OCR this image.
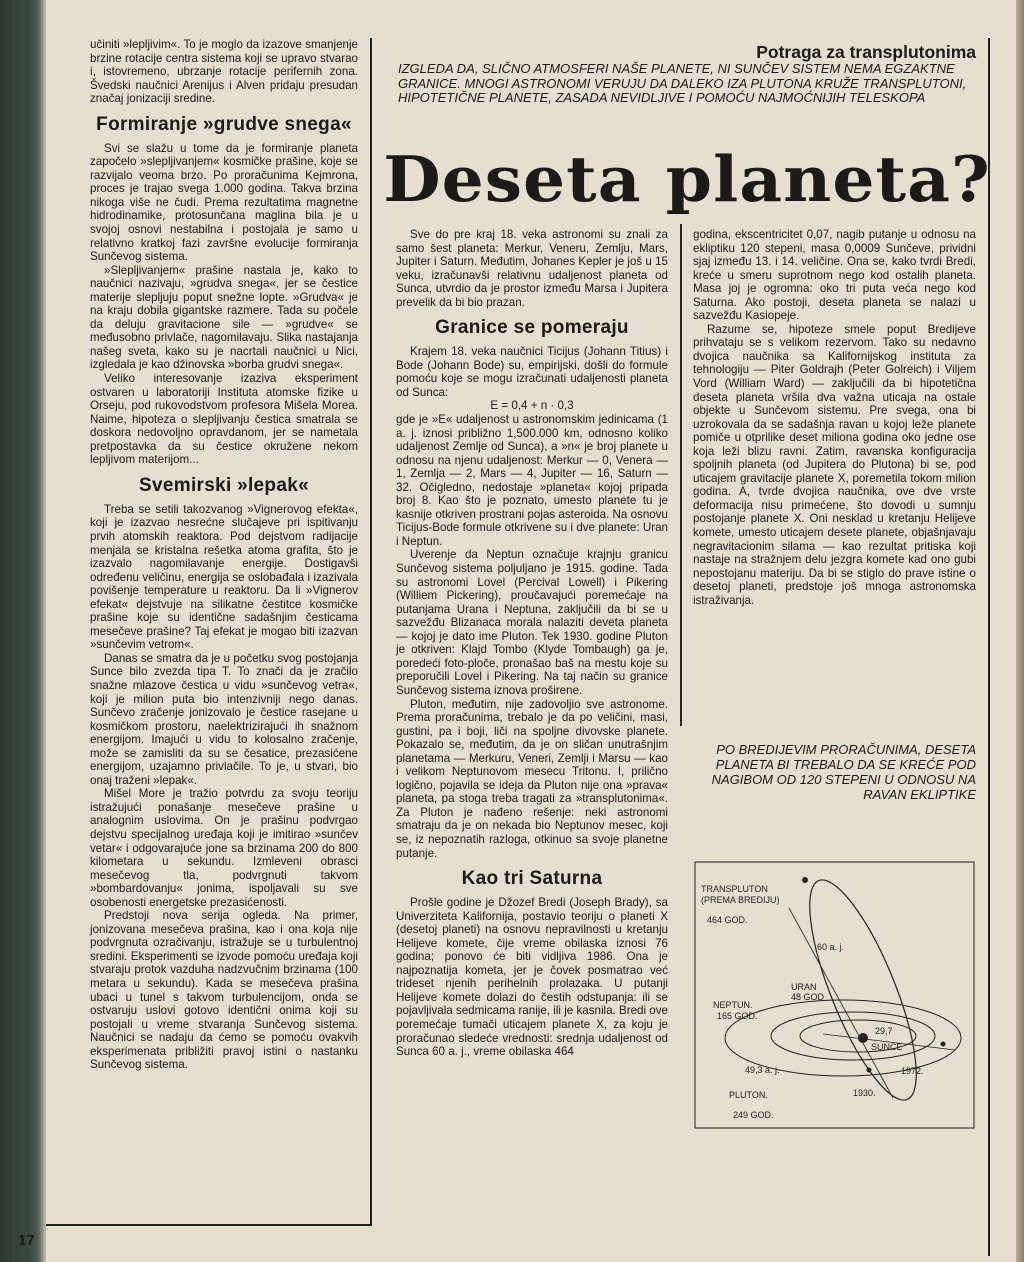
učiniti »lepljivim«. To je moglo da izazove smanjenje brzine rotacije centra sistema koji se upravo stvarao i, istovremeno, ubrzanje rotacije perifernih zona. Švedski naučnici Arenijus i Alven pridaju presudan značaj jonizaciji sredine.

Formiranje »grudve snega«

Svi se slažu u tome da je formiranje planeta započelo »slepljivanjem« kosmičke prašine, koje se razvijalo veoma brzo. Po proračunima Kejmrona, proces je trajao svega 1.000 godina. Takva brzina nikoga više ne čudi. Prema rezultatima magnetne hidrodinamike, protosunčana maglina bila je u svojoj osnovi nestabilna i postojala je samo u relativno kratkoj fazi završne evolucije formiranja Sunčevog sistema.

»Slepljivanjem« prašine nastala je, kako to naučnici nazivaju, »grudva snega«, jer se čestice materije slepljuju poput snežne lopte. »Grudva« je na kraju dobila gigantske razmere. Tada su počele da deluju gravitacione sile — »grudve« se međusobno privlače, nagomilavaju. Slika nastajanja našeg sveta, kako su je nacrtali naučnici u Nici, izgledala je kao džinovska »borba grudvi snega«.

Veliko interesovanje izaziva eksperiment ostvaren u laboratoriji Instituta atomske fizike u Orseju, pod rukovodstvom profesora Mišela Morea. Naime, hipoteza o slepljivanju čestica smatrala se doskora nedovoljno opravdanom, jer se nametala pretpostavka da su čestice okružene nekom lepljivom materijom...

Svemirski »lepak«

Treba se setili takozvanog »Vignerovog efekta«, koji je izazvao nesrećne slučajeve pri ispitivanju prvih atomskih reaktora. Pod dejstvom radijacije menjala se kristalna rešetka atoma grafita, što je izazvalo nagomilavanje energije. Dostigavši određenu veličinu, energija se oslobađala i izazivala povišenje temperature u reaktoru. Da li »Vignerov efekat« dejstvuje na silikatne čestitce kosmičke prašine koje su identične sadašnjim česticama mesečeve prašine? Taj efekat je mogao biti izazvan »sunčevim vetrom«.

Danas se smatra da je u početku svog postojanja Sunce bilo zvezda tipa T. To znači da je zračilo snažne mlazove čestica u vidu »sunčevog vetra«, koji je milion puta bio intenzivniji nego danas. Sunčevo zračenje jonizovalo je čestice rasejane u kosmičkom prostoru, naelektrizirajući ih snažnom energijom. Imajući u vidu to kolosalno zračenje, može se zamisliti da su se česatice, prezasićene energijom, uzajamno privlačile. To je, u stvari, bio onaj traženi »lepak«.

Mišel More je tražio potvrdu za svoju teoriju istražujući ponašanje mesečeve prašine u analognim uslovima. On je prašinu podvrgao dejstvu specijalnog uređaja koji je imitirao »sunčev vetar« i odgovarajuće jone sa brzinama 200 do 800 kilometara u sekundu. Izmleveni obrasci mesečevog tla, podvrgnuti takvom »bombardovanju« jonima, ispoljavali su sve osobenosti energetske prezasićenosti.

Predstoji nova serija ogleda. Na primer, jonizovana mesečeva prašina, kao i ona koja nije podvrgnuta ozračivanju, istražuje se u turbulentnoj sredini. Eksperimenti se izvode pomoću uređaja koji stvaraju protok vazduha nadzvučnim brzinama (100 metara u sekundu). Kada se mesečeva prašina ubaci u tunel s takvom turbulencijom, onda se ostvaruju uslovi gotovo identični onima koji su postojali u vreme stvaranja Sunčevog sistema. Naučnici se nadaju da ćemo se pomoću ovakvih eksperimenata približiti pravoj istini o nastanku Sunčevog sistema.

Potraga za transplutonima
IZGLEDA DA, SLIČNO ATMOSFERI NAŠE PLANETE, NI SUNČEV SISTEM NEMA EGZAKTNE GRANICE. MNOGI ASTRONOMI VERUJU DA DALEKO IZA PLUTONA KRUŽE TRANSPLUTONI, HIPOTETIČNE PLANETE, ZASADA NEVIDLJIVE I POMOĆU NAJMOĆNIJIH TELESKOPA
Deseta planeta?

Sve do pre kraj 18. veka astronomi su znali za samo šest planeta: Merkur, Veneru, Zemlju, Mars, Jupiter i Saturn. Međutim, Johanes Kepler je još u 15 veku, izračunavši relativnu udaljenost planeta od Sunca, utvrdio da je prostor između Marsa i Jupitera prevelik da bi bio prazan.

Granice se pomeraju

Krajem 18. veka naučnici Ticijus (Johann Titius) i Bode (Johann Bode) su, empirijski, došli do formule pomoću koje se mogu izračunati udaljenosti planeta od Sunca:

E = 0,4 + n · 0,3

gde je »E« udaljenost u astronomskim jedinicama (1 a. j. iznosi približno 1,500.000 km, odnosno koliko udaljenost Zemlje od Sunca), a »n« je broj planete u odnosu na njenu udaljenost: Merkur — 0, Venera — 1, Zemlja — 2, Mars — 4, Jupiter — 16, Saturn — 32. Očigledno, nedostaje »planeta« kojoj pripada broj 8. Kao što je poznato, umesto planete tu je kasnije otkriven prostrani pojas asteroida. Na osnovu Ticijus-Bode formule otkrivene su i dve planete: Uran i Neptun.

Uverenje da Neptun označuje krajnju granicu Sunčevog sistema poljuljano je 1915. godine. Tada su astronomi Lovel (Percival Lowell) i Pikering (Williem Pickering), proučavajući poremećaje na putanjama Urana i Neptuna, zaključili da bi se u sazvežđu Blizanaca morala nalaziti deveta planeta — kojoj je dato ime Pluton. Tek 1930. godine Pluton je otkriven: Klajd Tombo (Klyde Tombaugh) ga je, poredeći foto-ploče, pronašao baš na mestu koje su preporučili Lovel i Pikering. Na taj način su granice Sunčevog sistema iznova proširene.

Pluton, međutim, nije zadovoljio sve astronome. Prema proračunima, trebalo je da po veličini, masi, gustini, pa i boji, liči na spoljne divovske planete. Pokazalo se, međutim, da je on sličan unutrašnjim planetama — Merkuru, Veneri, Zemlji i Marsu — kao i velikom Neptunovom mesecu Tritonu. I, prilično logično, pojavila se ideja da Pluton nije ona »prava« planeta, pa stoga treba tragati za »transplutonima«. Za Pluton je nađeno rešenje: neki astronomi smatraju da je on nekada bio Neptunov mesec, koji se, iz nepoznatih razloga, otkinuo sa svoje planetne putanje.

Kao tri Saturna

Prošle godine je Džozef Bredi (Joseph Brady), sa Univerziteta Kalifornija, postavio teoriju o planeti X (desetoj planeti) na osnovu nepravilnosti u kretanju Helijeve komete, čije vreme obilaska iznosi 76 godina; ponovo će biti vidljiva 1986. Ona je najpoznatija kometa, jer je čovek posmatrao već trideset njenih perihelnih prolazaka. U putanji Helijeve komete dolazi do čestih odstupanja: ili se pojavljivala sedmicama ranije, ili je kasnila. Bredi ove poremećaje tumači uticajem planete X, za koju je proračunao sledeće vrednosti: srednja udaljenost od Sunca 60 a. j., vreme obilaska 464

godina, ekscentricitet 0,07, nagib putanje u odnosu na ekliptiku 120 stepeni, masa 0,0009 Sunčeve, prividni sjaj između 13. i 14. veličine. Ona se, kako tvrdi Bredi, kreće u smeru suprotnom nego kod ostalih planeta. Masa joj je ogromna: oko tri puta veća nego kod Saturna. Ako postoji, deseta planeta se nalazi u sazvežđu Kasiopeje.

Razume se, hipoteze smele poput Bredijeve prihvataju se s velikom rezervom. Tako su nedavno dvojica naučnika sa Kalifornijskog instituta za tehnologiju — Piter Goldrajh (Peter Golreich) i Viljem Vord (William Ward) — zaključili da bi hipotetična deseta planeta vršila dva važna uticaja na ostale objekte u Sunčevom sistemu. Pre svega, ona bi uzrokovala da se sadašnja ravan u kojoj leže planete pomiče u otprilike deset miliona godina oko jedne ose koja leži blizu ravni. Zatim, ravanska konfiguracija spoljnih planeta (od Jupitera do Plutona) bi se, pod uticajem gravitacije planete X, poremetila tokom milion godina. A, tvrde dvojica naučnika, ove dve vrste deformacija nisu primećene, što dovodi u sumnju postojanje planete X. Oni nesklad u kretanju Helijeve komete, umesto uticajem desete planete, objašnjavaju negravitacionim silama — kao rezultat pritiska koji nastaje na stražnjem delu jezgra komete kad ono gubi nepostojanu materiju. Da bi se stiglo do prave istine o desetoj planeti, predstoje još mnoga astronomska istraživanja.

PO BREDIJEVIM PRORAČUNIMA, DESETA PLANETA BI TREBALO DA SE KREĆE POD NAGIBOM OD 120 STEPENI U ODNOSU NA RAVAN EKLIPTIKE
TRANSPLUTON
(PREMA BREDIJU)
464 GOD.
60 a. j.
URAN
48 GOD
NEPTUN.
165 GOD.
29,7
SUNCE
49,3 a. j.	1972.
PLUTON.
249 GOD.
1930.
17
